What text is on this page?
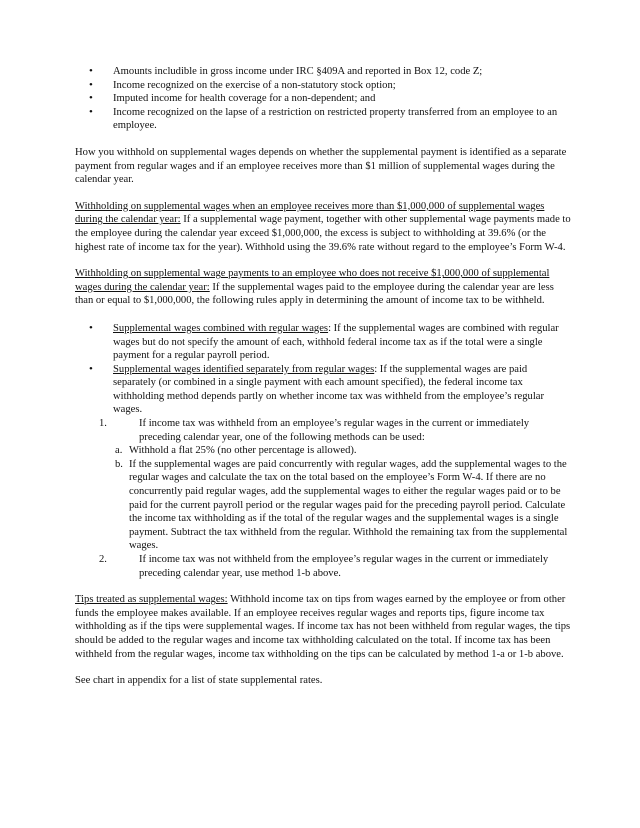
• Amounts includible in gross income under IRC §409A and reported in Box 12, code Z;
• Income recognized on the exercise of a non-statutory stock option;
• Imputed income for health coverage for a non-dependent; and
• Income recognized on the lapse of a restriction on restricted property transferred from an employee to an employee.

How you withhold on supplemental wages depends on whether the supplemental payment is identified as a separate payment from regular wages and if an employee receives more than $1 million of supplemental wages during the calendar year.

Withholding on supplemental wages when an employee receives more than $1,000,000 of supplemental wages during the calendar year: If a supplemental wage payment, together with other supplemental wage payments made to the employee during the calendar year exceed $1,000,000, the excess is subject to withholding at 39.6% (or the highest rate of income tax for the year). Withhold using the 39.6% rate without regard to the employee’s Form W-4.

Withholding on supplemental wage payments to an employee who does not receive $1,000,000 of supplemental wages during the calendar year: If the supplemental wages paid to the employee during the calendar year are less than or equal to $1,000,000, the following rules apply in determining the amount of income tax to be withheld.

• Supplemental wages combined with regular wages: If the supplemental wages are combined with regular wages but do not specify the amount of each, withhold federal income tax as if the total were a single payment for a regular payroll period.
• Supplemental wages identified separately from regular wages: If the supplemental wages are paid separately (or combined in a single payment with each amount specified), the federal income tax withholding method depends partly on whether income tax was withheld from the employee’s regular wages.
1.	If income tax was withheld from an employee’s regular wages in the current or immediately preceding calendar year, one of the following methods can be used:
a. Withhold a flat 25% (no other percentage is allowed).
b. If the supplemental wages are paid concurrently with regular wages, add the supplemental wages to the regular wages and calculate the tax on the total based on the employee’s Form W-4. If there are no concurrently paid regular wages, add the supplemental wages to either the regular wages paid or to be paid for the current payroll period or the regular wages paid for the preceding payroll period. Calculate the income tax withholding as if the total of the regular wages and the supplemental wages is a single payment. Subtract the tax withheld from the regular. Withhold the remaining tax from the supplemental wages.
2.	If income tax was not withheld from the employee’s regular wages in the current or immediately preceding calendar year, use method 1-b above.

Tips treated as supplemental wages: Withhold income tax on tips from wages earned by the employee or from other funds the employee makes available. If an employee receives regular wages and reports tips, figure income tax withholding as if the tips were supplemental wages. If income tax has not been withheld from regular wages, the tips should be added to the regular wages and income tax withholding calculated on the total. If income tax has been withheld from the regular wages, income tax withholding on the tips can be calculated by method 1-a or 1-b above.

See chart in appendix for a list of state supplemental rates.
